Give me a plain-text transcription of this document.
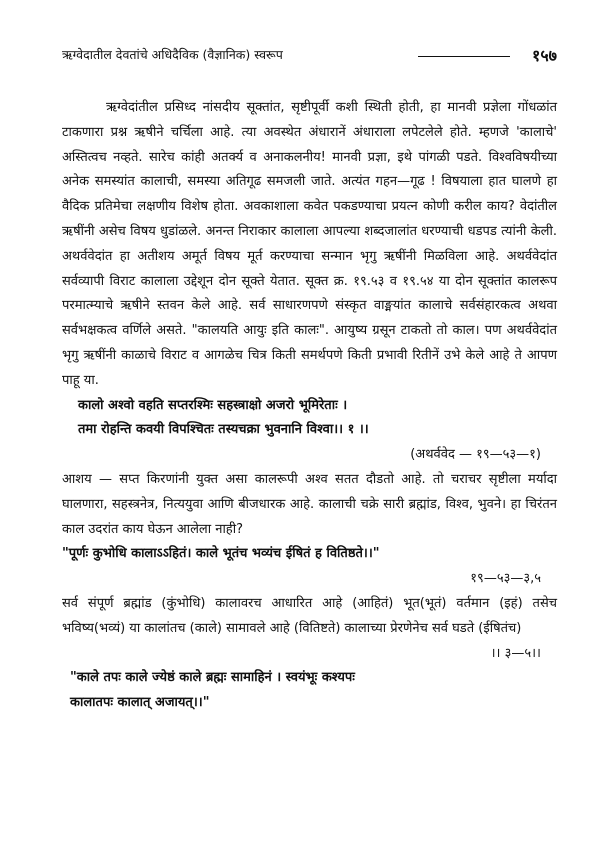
ऋग्वेदातील देवतांचे अधिदैविक (वैज्ञानिक) स्वरूप	१५७

ऋग्वेदांतील प्रसिध्द नांसदीय सूक्तांत, सृष्टीपूर्वी कशी स्थिती होती, हा मानवी प्रज्ञेला गोंधळांत टाकणारा प्रश्न ऋषीने चर्चिला आहे. त्या अवस्थेत अंधारानें अंधाराला लपेटलेले होते. म्हणजे 'कालाचे' अस्तित्वच नव्हते. सारेच कांही अतर्क्य व अनाकलनीय! मानवी प्रज्ञा, इथे पांगळी पडते. विश्वविषयीच्या अनेक समस्यांत कालाची, समस्या अतिगूढ समजली जाते. अत्यंत गहन—गूढ ! विषयाला हात घालणे हा वैदिक प्रतिमेचा लक्षणीय विशेष होता. अवकाशाला कवेत पकडण्याचा प्रयत्न कोणी करील काय? वेदांतील ऋषींनी असेच विषय धुडांळले. अनन्त निराकार कालाला आपल्या शब्दजालांत धरण्याची धडपड त्यांनी केली. अथर्ववेदांत हा अतीशय अमूर्त विषय मूर्त करण्याचा सन्मान भृगु ऋषींनी मिळविला आहे. अथर्ववेदांत सर्वव्यापी विराट कालाला उद्देशून दोन सूक्ते येतात. सूक्त क्र. १९.५३ व १९.५४ या दोन सूक्तांत कालरूप परमात्म्याचे ऋषीने स्तवन केले आहे. सर्व साधारणपणे संस्कृत वाङ्मयांत कालाचे सर्वसंहारकत्व अथवा सर्वभक्षकत्व वर्णिले असते. "कालयति आयुः इति कालः". आयुष्य ग्रसून टाकतो तो काल। पण अथर्ववेदांत भृगु ऋषींनी काळाचे विराट व आगळेच चित्र किती समर्थपणे किती प्रभावी रितीनें उभे केले आहे ते आपण पाहू या.

कालो अश्वो वहति सप्तरश्मिः सहस्त्राक्षो अजरो भूमिरेताः ।

तमा रोहन्ति कवयी विपश्चितः तस्यचक्रा भुवनानि विश्वा।। १ ।।

(अथर्ववेद — १९—५३—१)

आशय — सप्त किरणांनी युक्त असा कालरूपी अश्व सतत दौडतो आहे. तो चराचर सृष्टीला मर्यादा घालणारा, सहस्त्रनेत्र, नित्ययुवा आणि बीजधारक आहे. कालाची चक्रे सारी ब्रह्मांड, विश्व, भुवने। हा चिरंतन काल उदरांत काय घेऊन आलेला नाही?

"पूर्णः कुभोधि कालाऽऽहितं। काले भूतंच भव्यंच ईषितं ह वितिष्ठते।।"

१९—५३—३,५

सर्व संपूर्ण ब्रह्मांड (कुंभोधि) कालावरच आधारित आहे (आहितं) भूत(भूतं) वर्तमान (इहं) तसेच भविष्य(भव्यं) या कालांतच (काले) सामावले आहे (वितिष्टते) कालाच्या प्रेरणेनेच सर्व घडते (ईषितंच)

।। ३—५।।

"काले तपः काले ज्येष्ठं काले ब्रह्मः सामाहिनं । स्वयंभूः कश्यपः

कालातपः कालात् अजायत्।।"
